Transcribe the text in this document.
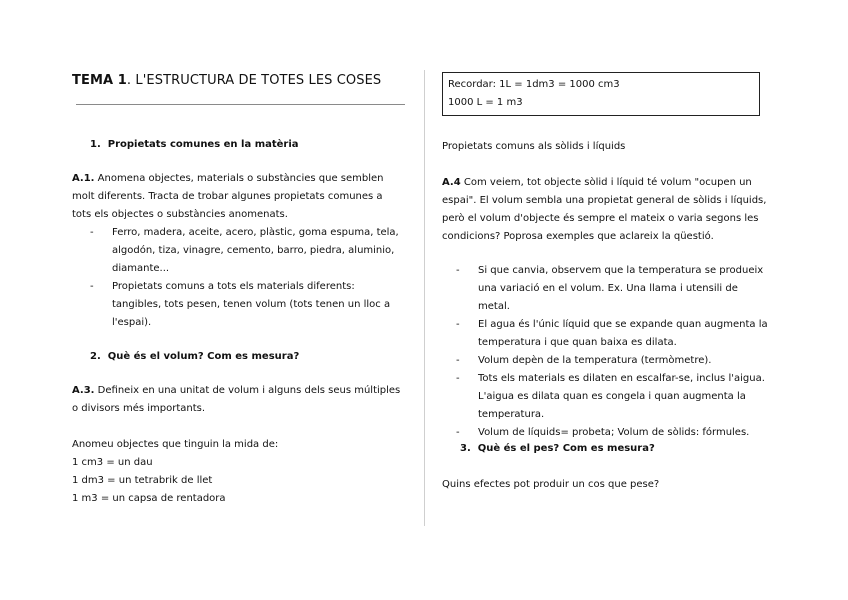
TEMA 1. L'ESTRUCTURA DE TOTES LES COSES
1. Propietats comunes en la matèria
A.1. Anomena objectes, materials o substàncies que semblen molt diferents. Tracta de trobar algunes propietats comunes a tots els objectes o substàncies anomenats.
- Ferro, madera, aceite, acero, plàstic, goma espuma, tela, algodón, tiza, vinagre, cemento, barro, piedra, aluminio, diamante...
- Propietats comuns a tots els materials diferents: tangibles, tots pesen, tenen volum (tots tenen un lloc a l'espai).
2. Què és el volum? Com es mesura?
A.3. Defineix en una unitat de volum i alguns dels seus múltiples o divisors més importants.
Anomeu objectes que tinguin la mida de:
1 cm3 = un dau
1 dm3 = un tetrabrik de llet
1 m3 = un capsa de rentadora
Recordar: 1L = 1dm3 = 1000 cm3
1000 L = 1 m3
Propietats comuns als sòlids i líquids
A.4 Com veiem, tot objecte sòlid i líquid té volum "ocupen un espai". El volum sembla una propietat general de sòlids i líquids, però el volum d'objecte és sempre el mateix o varia segons les condicions? Poprosa exemples que aclareix la qüestió.
- Si que canvia, observem que la temperatura se produeix una variació en el volum. Ex. Una llama i utensili de metal.
- El agua és l'únic líquid que se expande quan augmenta la temperatura i que quan baixa es dilata.
- Volum depèn de la temperatura (termòmetre).
- Tots els materials es dilaten en escalfar-se, inclus l'aigua. L'aigua es dilata quan es congela i quan augmenta la temperatura.
- Volum de líquids= probeta; Volum de sòlids: fórmules.
3. Què és el pes? Com es mesura?
Quins efectes pot produir un cos que pese?
